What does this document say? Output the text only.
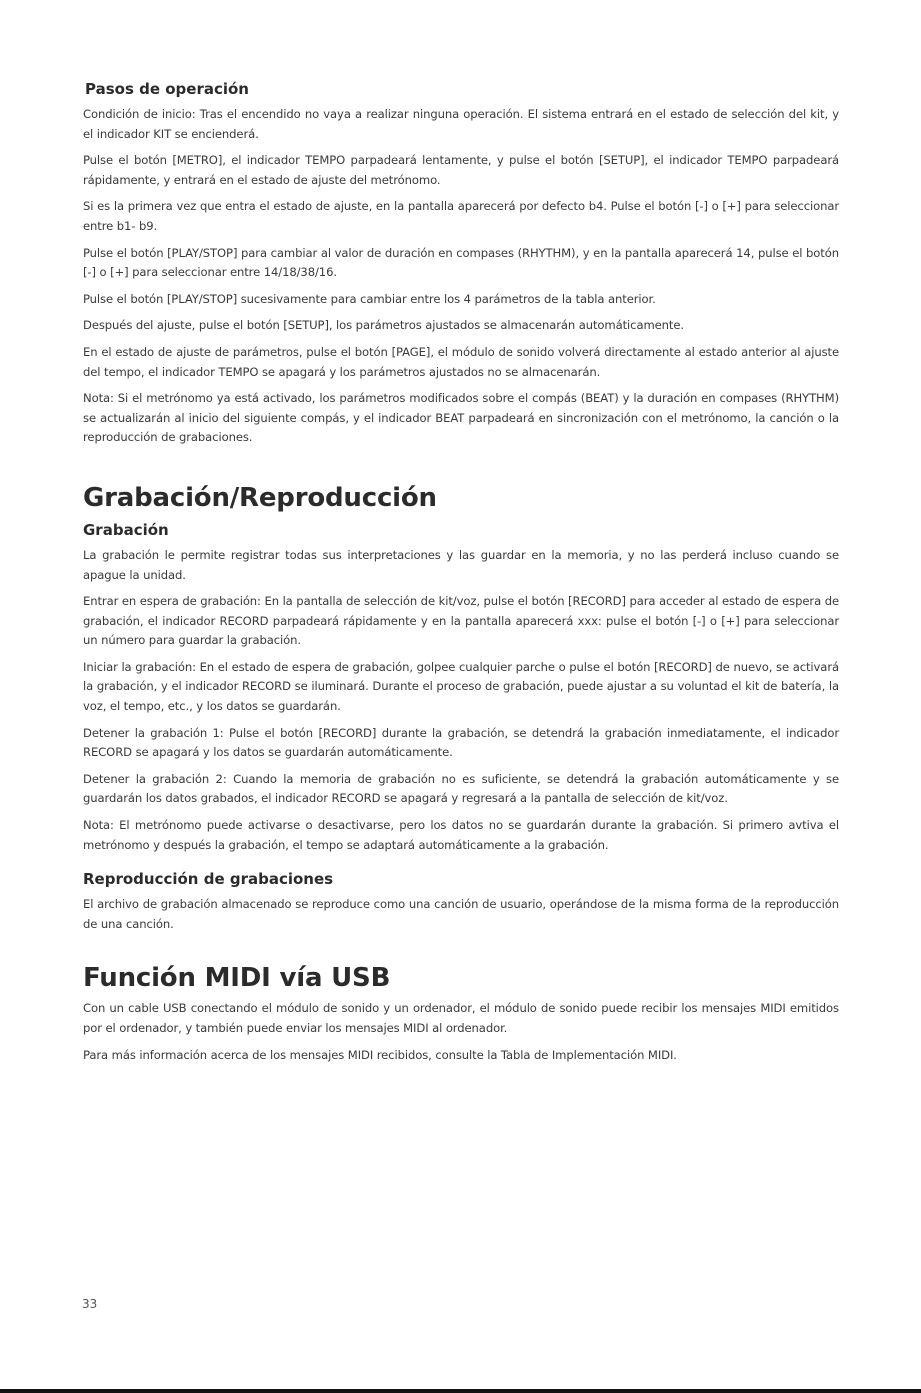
Pasos de operación

Condición de inicio: Tras el encendido no vaya a realizar ninguna operación. El sistema entrará en el estado de selección del kit, y el indicador KIT se encienderá.

Pulse el botón [METRO], el indicador TEMPO parpadeará lentamente, y pulse el botón [SETUP], el indicador TEMPO parpadeará rápidamente, y entrará en el estado de ajuste del metrónomo.

Si es la primera vez que entra el estado de ajuste, en la pantalla aparecerá por defecto b4. Pulse el botón [-] o [+] para seleccionar entre b1- b9.

Pulse el botón [PLAY/STOP] para cambiar al valor de duración en compases (RHYTHM), y en la pantalla aparecerá 14, pulse el botón [-] o [+] para seleccionar entre 14/18/38/16.

Pulse el botón [PLAY/STOP] sucesivamente para cambiar entre los 4 parámetros de la tabla anterior.

Después del ajuste, pulse el botón [SETUP], los parámetros ajustados se almacenarán automáticamente.

En el estado de ajuste de parámetros, pulse el botón [PAGE], el módulo de sonido volverá directamente al estado anterior al ajuste del tempo, el indicador TEMPO se apagará y los parámetros ajustados no se almacenarán.

Nota: Si el metrónomo ya está activado, los parámetros modificados sobre el compás (BEAT) y la duración en compases (RHYTHM) se actualizarán al inicio del siguiente compás, y el indicador BEAT parpadeará en sincronización con el metrónomo, la canción o la reproducción de grabaciones.

Grabación/Reproducción
Grabación

La grabación le permite registrar todas sus interpretaciones y las guardar en la memoria, y no las perderá incluso cuando se apague la unidad.

Entrar en espera de grabación: En la pantalla de selección de kit/voz, pulse el botón [RECORD] para acceder al estado de espera de grabación, el indicador RECORD parpadeará rápidamente y en la pantalla aparecerá xxx: pulse el botón [-] o [+] para seleccionar un número para guardar la grabación.

Iniciar la grabación: En el estado de espera de grabación, golpee cualquier parche o pulse el botón [RECORD] de nuevo, se activará la grabación, y el indicador RECORD se iluminará. Durante el proceso de grabación, puede ajustar a su voluntad el kit de batería, la voz, el tempo, etc., y los datos se guardarán.

Detener la grabación 1: Pulse el botón [RECORD] durante la grabación, se detendrá la grabación inmediatamente, el indicador RECORD se apagará y los datos se guardarán automáticamente.

Detener la grabación 2: Cuando la memoria de grabación no es suficiente, se detendrá la grabación automáticamente y se guardarán los datos grabados, el indicador RECORD se apagará y regresará a la pantalla de selección de kit/voz.

Nota: El metrónomo puede activarse o desactivarse, pero los datos no se guardarán durante la grabación. Si primero avtiva el metrónomo y después la grabación, el tempo se adaptará automáticamente a la grabación.

Reproducción de grabaciones

El archivo de grabación almacenado se reproduce como una canción de usuario, operándose de la misma forma de la reproducción de una canción.

Función MIDI vía USB

Con un cable USB conectando el módulo de sonido y un ordenador, el módulo de sonido puede recibir los mensajes MIDI emitidos por el ordenador, y también puede enviar los mensajes MIDI al ordenador.

Para más información acerca de los mensajes MIDI recibidos, consulte la Tabla de Implementación MIDI.

33
